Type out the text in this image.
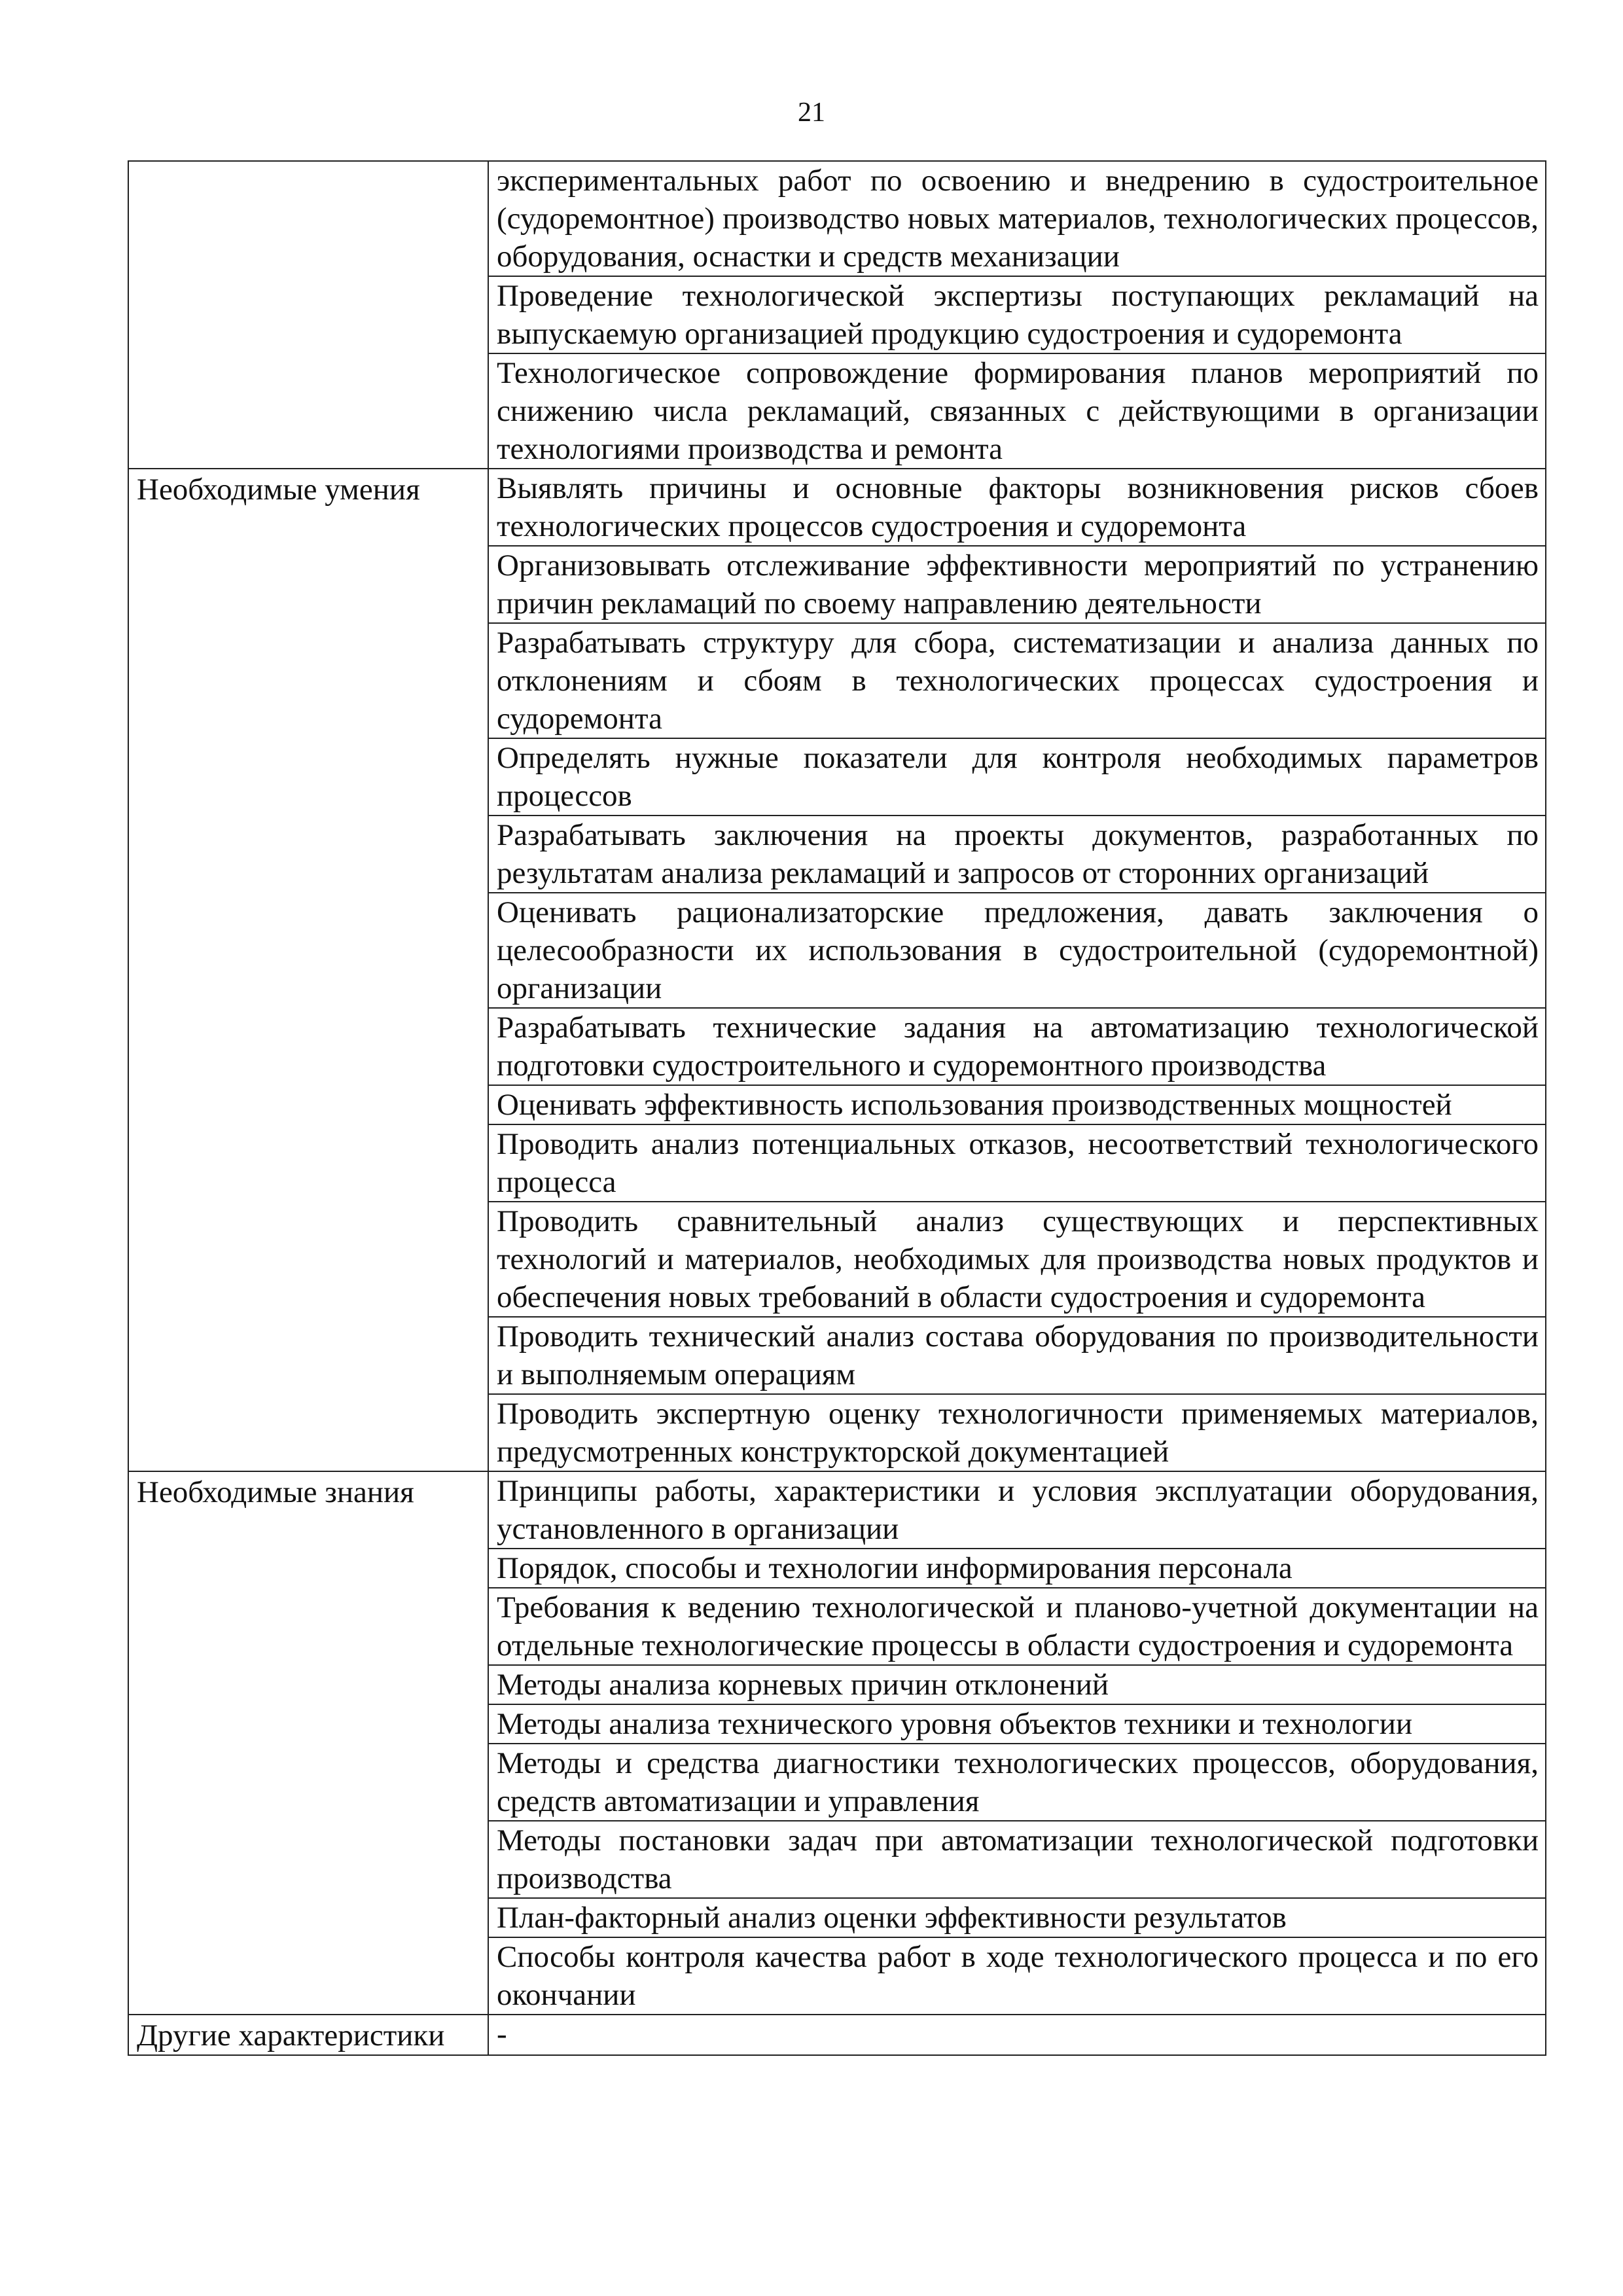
21
	экспериментальных работ по освоению и внедрению в судостроительное (судоремонтное) производство новых материалов, технологических процессов, оборудования, оснастки и средств механизации
	Проведение технологической экспертизы поступающих рекламаций на выпускаемую организацией продукцию судостроения и судоремонта
	Технологическое сопровождение формирования планов мероприятий по снижению числа рекламаций, связанных с действующими в организации технологиями производства и ремонта
Необходимые умения	Выявлять причины и основные факторы возникновения рисков сбоев технологических процессов судостроения и судоремонта
	Организовывать отслеживание эффективности мероприятий по устранению причин рекламаций по своему направлению деятельности
	Разрабатывать структуру для сбора, систематизации и анализа данных по отклонениям и сбоям в технологических процессах судостроения и судоремонта
	Определять нужные показатели для контроля необходимых параметров процессов
	Разрабатывать заключения на проекты документов, разработанных по результатам анализа рекламаций и запросов от сторонних организаций
	Оценивать рационализаторские предложения, давать заключения о целесообразности их использования в судостроительной (судоремонтной) организации
	Разрабатывать технические задания на автоматизацию технологической подготовки судостроительного и судоремонтного производства
	Оценивать эффективность использования производственных мощностей
	Проводить анализ потенциальных отказов, несоответствий технологического процесса
	Проводить сравнительный анализ существующих и перспективных технологий и материалов, необходимых для производства новых продуктов и обеспечения новых требований в области судостроения и судоремонта
	Проводить технический анализ состава оборудования по производительности и выполняемым операциям
	Проводить экспертную оценку технологичности применяемых материалов, предусмотренных конструкторской документацией
Необходимые знания	Принципы работы, характеристики и условия эксплуатации оборудования, установленного в организации
	Порядок, способы и технологии информирования персонала
	Требования к ведению технологической и планово-учетной документации на отдельные технологические процессы в области судостроения и судоремонта
	Методы анализа корневых причин отклонений
	Методы анализа технического уровня объектов техники и технологии
	Методы и средства диагностики технологических процессов, оборудования, средств автоматизации и управления
	Методы постановки задач при автоматизации технологической подготовки производства
	План-факторный анализ оценки эффективности результатов
	Способы контроля качества работ в ходе технологического процесса и по его окончании
Другие характеристики	-
